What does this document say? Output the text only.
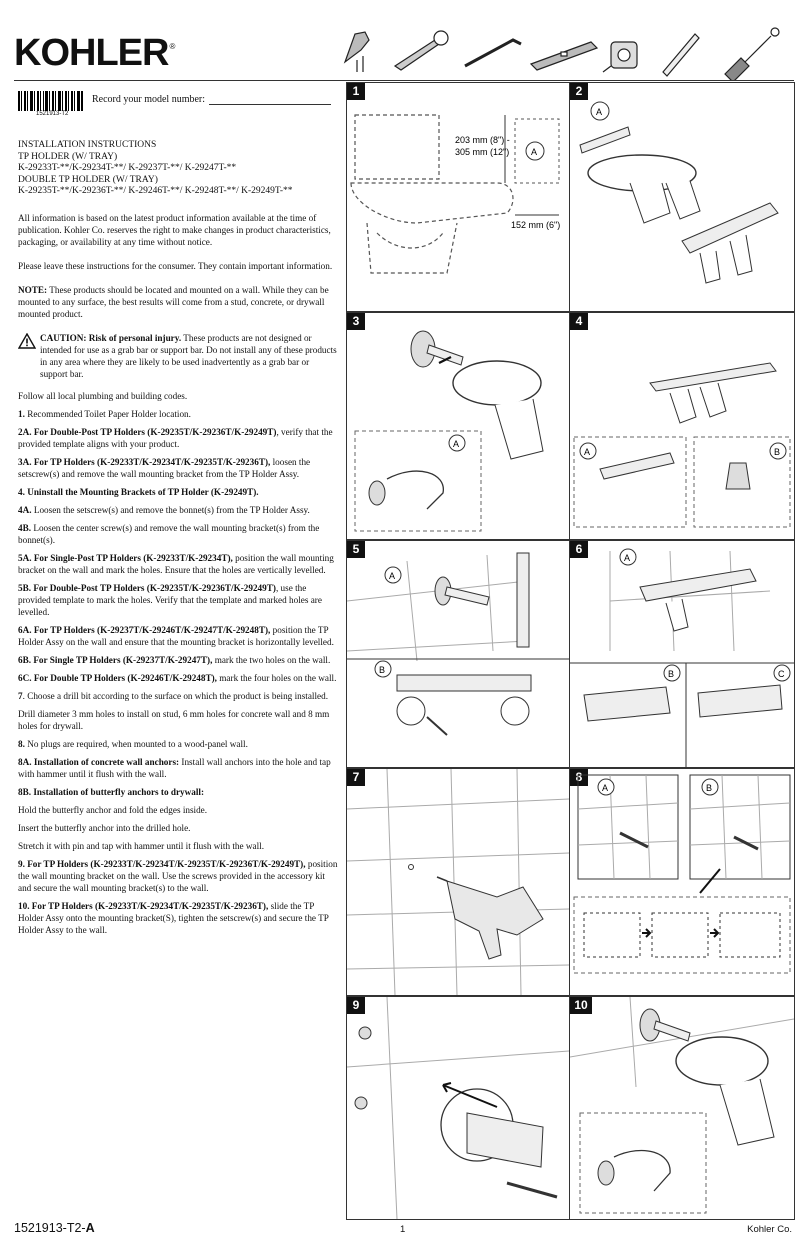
KOHLER®
1521913-T2
Record your model number:
INSTALLATION INSTRUCTIONS
TP HOLDER (W/ TRAY)
K-29233T-**/K-29234T-**/ K-29237T-**/ K-29247T-**
DOUBLE TP HOLDER (W/ TRAY)
K-29235T-**/K-29236T-**/ K-29246T-**/ K-29248T-**/ K-29249T-**

All information is based on the latest product information available at the time of publication. Kohler Co. reserves the right to make changes in product characteristics, packaging, or availability at any time without notice.

Please leave these instructions for the consumer. They contain important information.

NOTE: These products should be located and mounted on a wall. While they can be mounted to any surface, the best results will come from a stud, concrete, or drywall mounted product.

CAUTION: Risk of personal injury. These products are not designed or intended for use as a grab bar or support bar. Do not install any of these products in any area where they are likely to be used inadvertently as a grab bar or support bar.

Follow all local plumbing and building codes.

1. Recommended Toilet Paper Holder location.

2A. For Double-Post TP Holders (K-29235T/K-29236T/K-29249T), verify that the provided template aligns with your product.

3A. For TP Holders (K-29233T/K-29234T/K-29235T/K-29236T), loosen the setscrew(s) and remove the wall mounting bracket from the TP Holder Assy.

4. Uninstall the Mounting Brackets of TP Holder (K-29249T).

4A. Loosen the setscrew(s) and remove the bonnet(s) from the TP Holder Assy.

4B. Loosen the center screw(s) and remove the wall mounting bracket(s) from the bonnet(s).

5A. For Single-Post TP Holders (K-29233T/K-29234T), position the wall mounting bracket on the wall and mark the holes. Ensure that the holes are vertically levelled.

5B. For Double-Post TP Holders (K-29235T/K-29236T/K-29249T), use the provided template to mark the holes. Verify that the template and marked holes are levelled.

6A. For TP Holders (K-29237T/K-29246T/K-29247T/K-29248T), position the TP Holder Assy on the wall and ensure that the mounting bracket is horizontally levelled.

6B. For Single TP Holders (K-29237T/K-29247T), mark the two holes on the wall.

6C. For Double TP Holders (K-29246T/K-29248T), mark the four holes on the wall.

7. Choose a drill bit according to the surface on which the product is being installed.

Drill diameter 3 mm holes to install on stud, 6 mm holes for concrete wall and 8 mm holes for drywall.

8. No plugs are required, when mounted to a wood-panel wall.

8A. Installation of concrete wall anchors: Install wall anchors into the hole and tap with hammer until it flush with the wall.

8B. Installation of butterfly anchors to drywall:

Hold the butterfly anchor and fold the edges inside.

Insert the butterfly anchor into the drilled hole.

Stretch it with pin and tap with hammer until it flush with the wall.

9. For TP Holders (K-29233T/K-29234T/K-29235T/K-29236T/K-29249T), position the wall mounting bracket on the wall. Use the screws provided in the accessory kit and secure the wall mounting bracket(s) to the wall.

10. For TP Holders (K-29233T/K-29234T/K-29235T/K-29236T), slide the TP Holder Assy onto the mounting bracket(S), tighten the setscrew(s) and secure the TP Holder Assy to the wall.

1
203 mm (8") -
305 mm (12")
152 mm (6")
A
2
A
3
A
4
A	B
5
A
B
6
A
B	C
7	8
A	B
9	10
1521913-T2-A	1	Kohler Co.
